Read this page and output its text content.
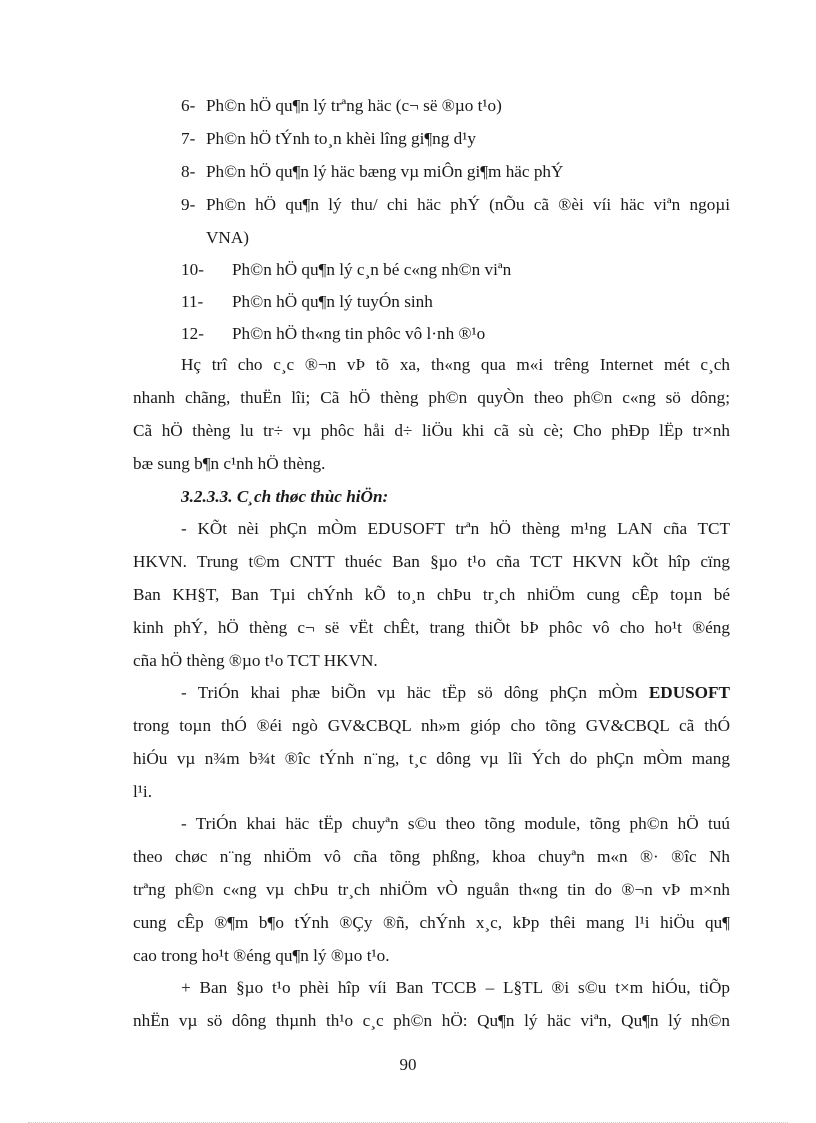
6- Ph©n hÖ qu¶n lý trªng häc (c¬ së ®µo t¹o)
7- Ph©n hÖ tÝnh to¸n khèi lîng gi¶ng d¹y
8- Ph©n hÖ qu¶n lý häc bæng vµ miÔn gi¶m häc phÝ
9- Ph©n hÖ qu¶n lý thu/ chi häc phÝ (nÕu cã ®èi víi häc viªn ngoµi
VNA)
10- Ph©n hÖ qu¶n lý c¸n bé c«ng nh©n viªn
11- Ph©n hÖ qu¶n lý tuyÓn sinh
12- Ph©n hÖ th«ng tin phôc vô l·nh ®¹o
Hç trî cho c¸c ®¬n vÞ tõ xa, th«ng qua m«i trêng Internet mét c¸ch
nhanh chãng, thuËn lîi; Cã hÖ thèng ph©n quyÒn theo ph©n c«ng sö dông;
Cã hÖ thèng lu tr÷ vµ phôc håi d÷ liÖu khi cã sù cè; Cho phÐp lËp tr×nh
bæ sung b¶n c¹nh hÖ thèng.
3.2.3.3. C¸ch thøc thùc hiÖn:
- KÕt nèi phÇn mÒm EDUSOFT trªn hÖ thèng m¹ng LAN cña TCT
HKVN. Trung t©m CNTT thuéc Ban §µo t¹o cña TCT HKVN kÕt hîp cïng
Ban KH§T, Ban Tµi chÝnh kÕ to¸n chÞu tr¸ch nhiÖm cung cÊp toµn bé
kinh phÝ, hÖ thèng c¬ së vËt chÊt, trang thiÕt bÞ phôc vô cho ho¹t ®éng
cña hÖ thèng ®µo t¹o TCT HKVN.
- TriÓn khai phæ biÕn vµ häc tËp sö dông phÇn mÒm EDUSOFT
trong toµn thÓ ®éi ngò GV&CBQL nh»m gióp cho tõng GV&CBQL cã thÓ
hiÓu vµ n¾m b¾t ®îc tÝnh n¨ng, t¸c dông vµ lîi Ých do phÇn mÒm mang
l¹i.
- TriÓn khai häc tËp chuyªn s©u theo tõng module, tõng ph©n hÖ tuú
theo chøc n¨ng nhiÖm vô cña tõng phßng, khoa chuyªn m«n ®· ®îc Nh
trªng ph©n c«ng vµ chÞu tr¸ch nhiÖm vÒ nguån th«ng tin do ®¬n vÞ m×nh
cung cÊp ®¶m b¶o tÝnh ®Çy ®ñ, chÝnh x¸c, kÞp thêi mang l¹i hiÖu qu¶
cao trong ho¹t ®éng qu¶n lý ®µo t¹o.
+ Ban §µo t¹o phèi hîp víi Ban TCCB – L§TL ®i s©u t×m hiÓu, tiÕp
nhËn vµ sö dông thµnh th¹o c¸c ph©n hÖ: Qu¶n lý häc viªn, Qu¶n lý nh©n
90
